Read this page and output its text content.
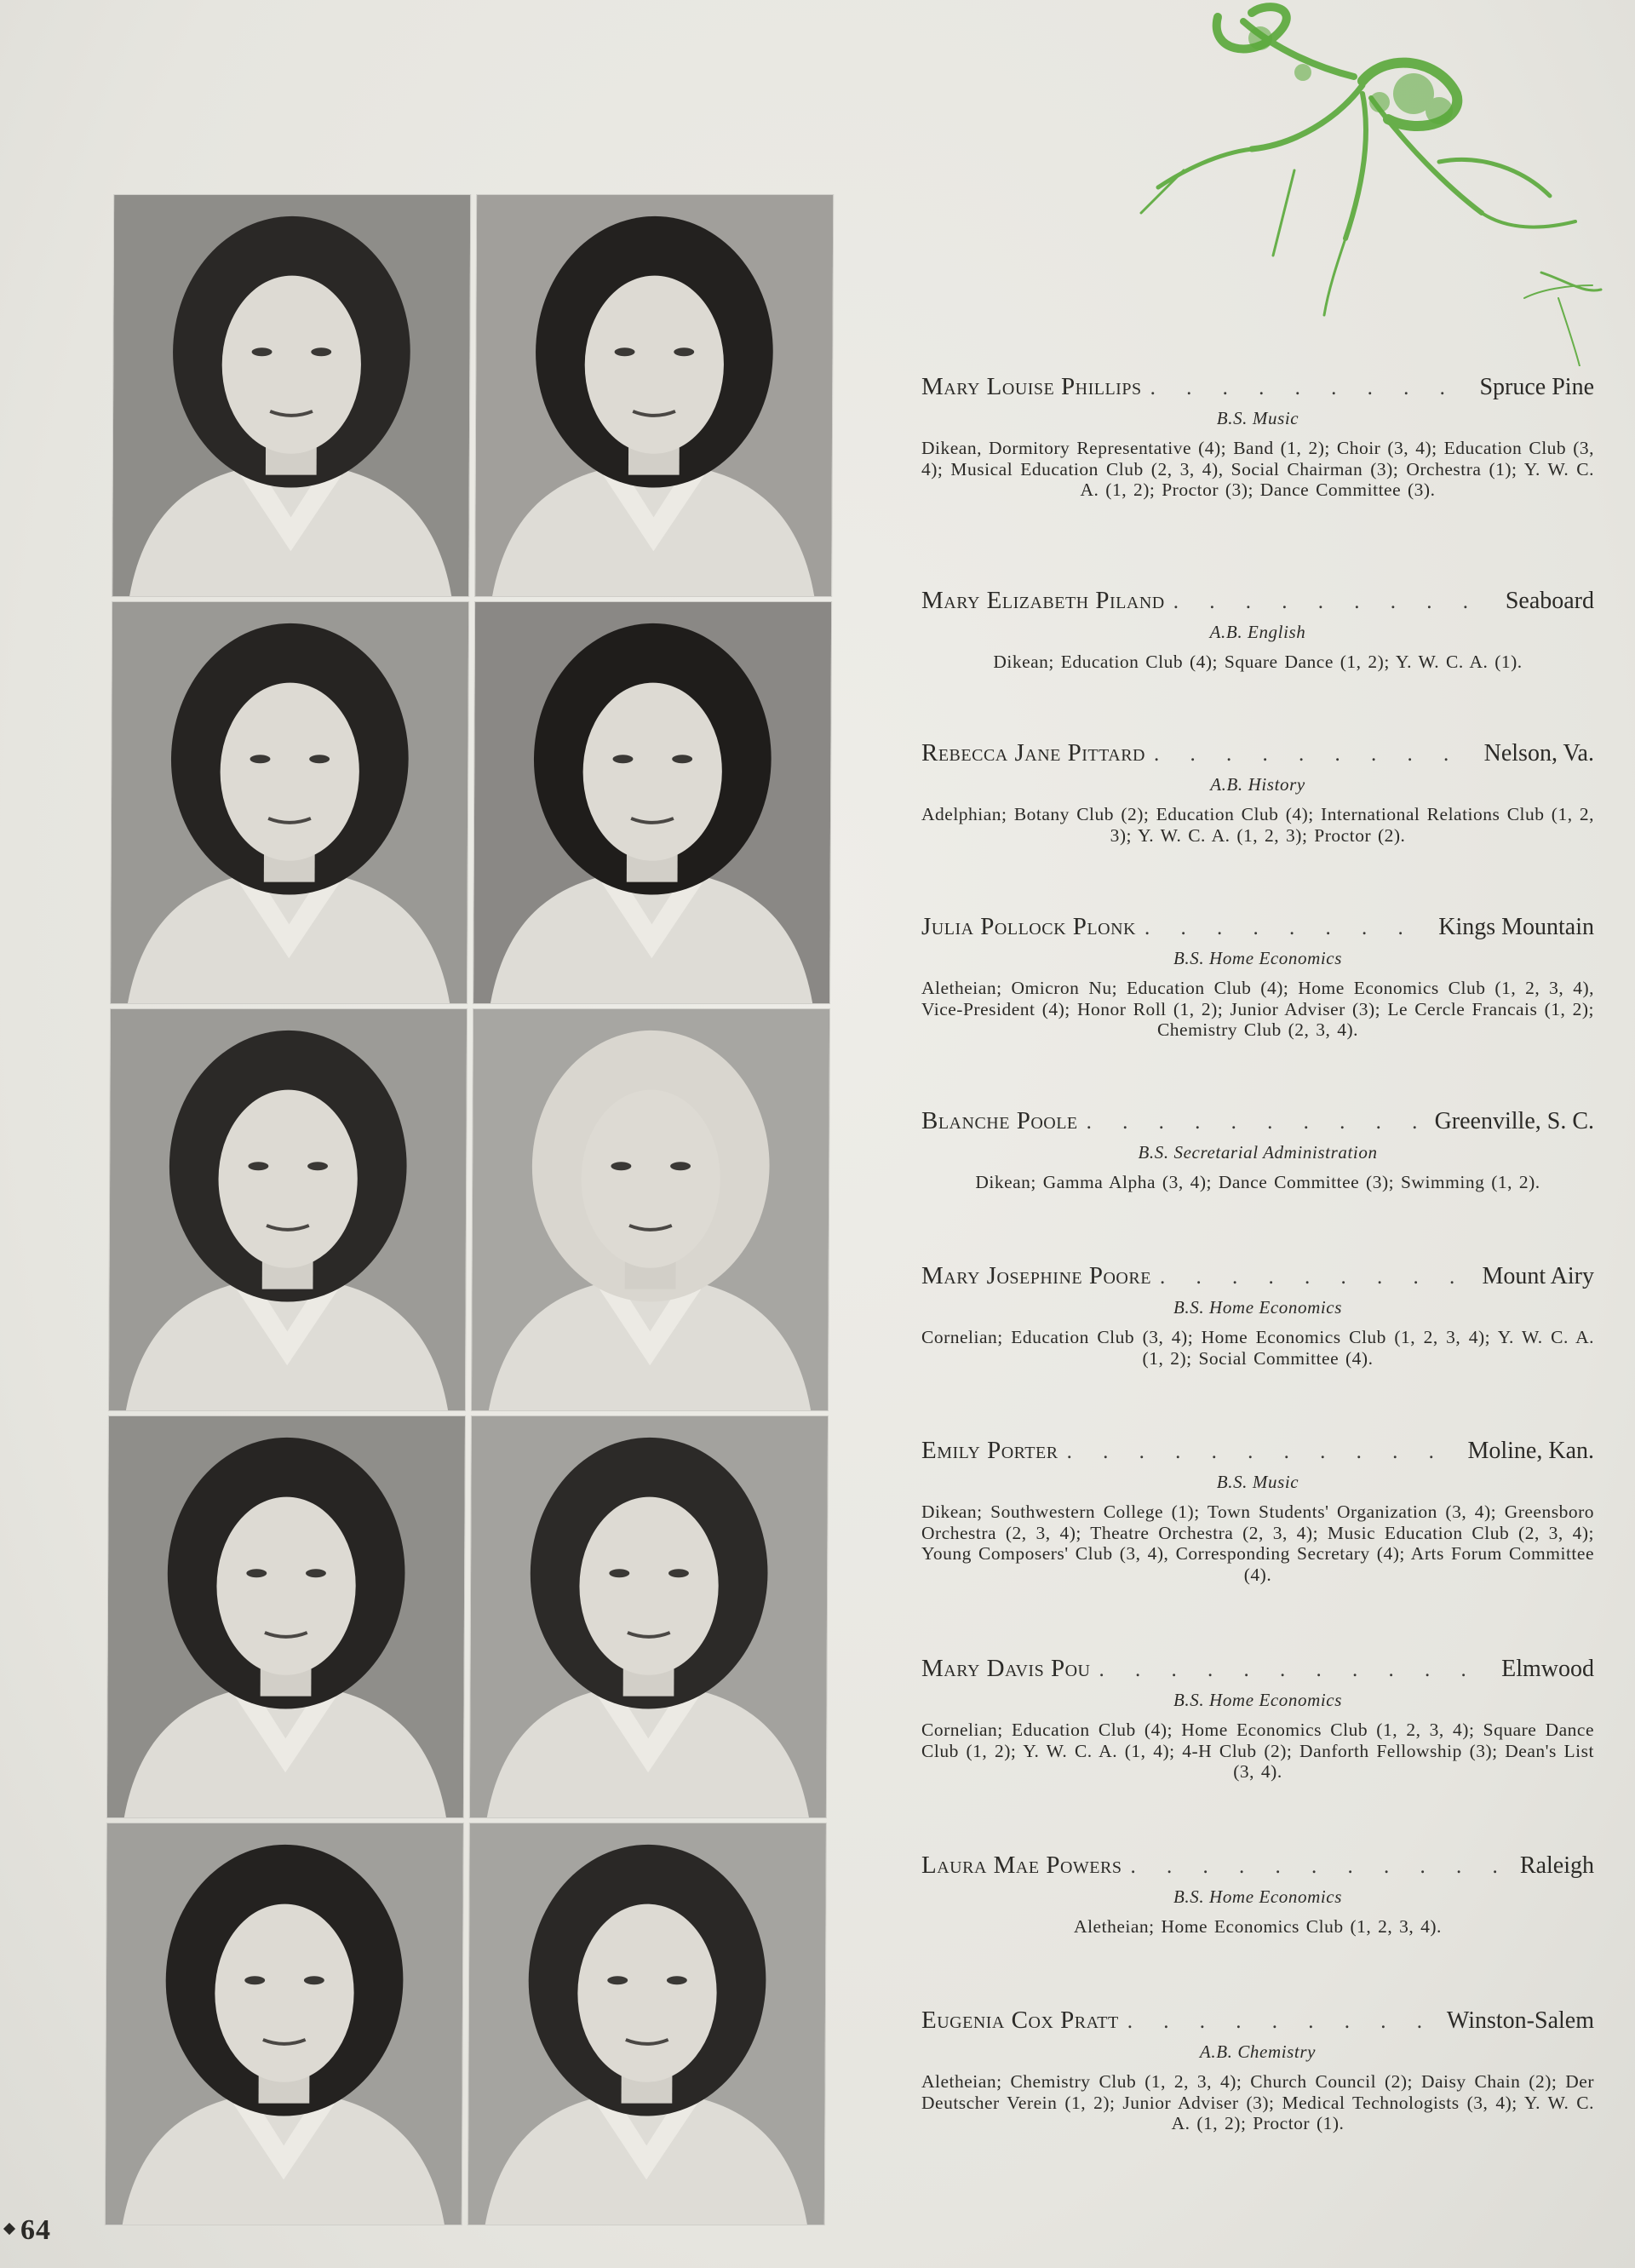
Mary Louise Phillips . . .	Spruce Pine
B.S. Music
Dikean, Dormitory Representative (4); Band (1, 2); Choir (3, 4); Education Club (3, 4); Musical Education Club (2, 3, 4), Social Chairman (3); Orchestra (1); Y. W. C. A. (1, 2); Proctor (3); Dance Committee (3).
Mary Elizabeth Piland . . .	Seaboard
A.B. English
Dikean; Education Club (4); Square Dance (1, 2); Y. W. C. A. (1).
Rebecca Jane Pittard . . .	Nelson, Va.
A.B. History
Adelphian; Botany Club (2); Education Club (4); International Relations Club (1, 2, 3); Y. W. C. A. (1, 2, 3); Proctor (2).
Julia Pollock Plonk . . .	Kings Mountain
B.S. Home Economics
Aletheian; Omicron Nu; Education Club (4); Home Economics Club (1, 2, 3, 4), Vice-President (4); Honor Roll (1, 2); Junior Adviser (3); Le Cercle Francais (1, 2); Chemistry Club (2, 3, 4).
Blanche Poole . . .	Greenville, S. C.
B.S. Secretarial Administration
Dikean; Gamma Alpha (3, 4); Dance Committee (3); Swimming (1, 2).
Mary Josephine Poore . . .	Mount Airy
B.S. Home Economics
Cornelian; Education Club (3, 4); Home Economics Club (1, 2, 3, 4); Y. W. C. A. (1, 2); Social Committee (4).
Emily Porter . . .	Moline, Kan.
B.S. Music
Dikean; Southwestern College (1); Town Students' Organization (3, 4); Greensboro Orchestra (2, 3, 4); Theatre Orchestra (2, 3, 4); Music Education Club (2, 3, 4); Young Composers' Club (3, 4), Corresponding Secretary (4); Arts Forum Committee (4).
Mary Davis Pou . . .	Elmwood
B.S. Home Economics
Cornelian; Education Club (4); Home Economics Club (1, 2, 3, 4); Square Dance Club (1, 2); Y. W. C. A. (1, 4); 4-H Club (2); Danforth Fellowship (3); Dean's List (3, 4).
Laura Mae Powers . . .	Raleigh
B.S. Home Economics
Aletheian; Home Economics Club (1, 2, 3, 4).
Eugenia Cox Pratt . . .	Winston-Salem
A.B. Chemistry
Aletheian; Chemistry Club (1, 2, 3, 4); Church Council (2); Daisy Chain (2); Der Deutscher Verein (1, 2); Junior Adviser (3); Medical Technologists (3, 4); Y. W. C. A. (1, 2); Proctor (1).
64
